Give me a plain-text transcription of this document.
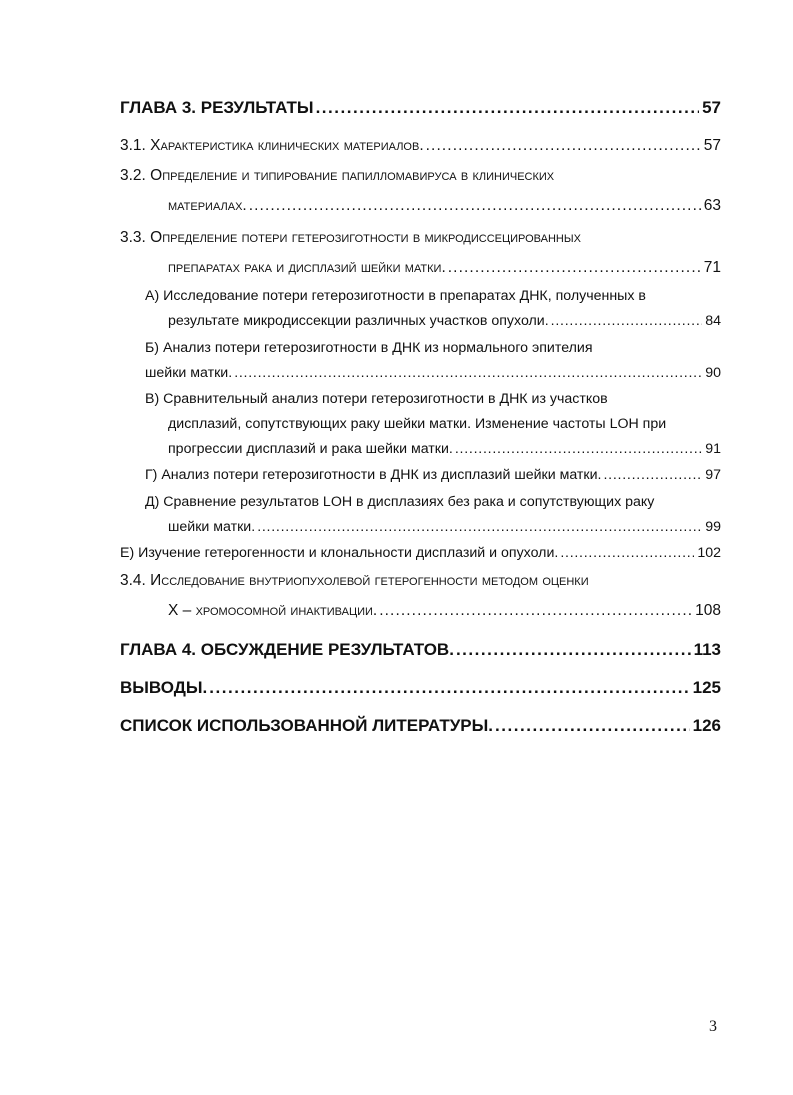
ГЛАВА 3. РЕЗУЛЬТАТЫ . . .	57
3.1. Характеристика клинических материалов. . . .	57
3.2. Определение и типирование папилломавируса в клинических
материалах. . . .	63
3.3. Определение потери гетерозиготности в микродиссецированных
препаратах рака и дисплазий шейки матки. . . .	71
А) Исследование потери гетерозиготности в препаратах ДНК, полученных в
результате микродиссекции различных участков опухоли. . . .	84
Б) Анализ потери гетерозиготности в ДНК из нормального эпителия
шейки матки. . . .	90
В) Сравнительный анализ потери гетерозиготности в ДНК из участков
дисплазий, сопутствующих раку шейки матки. Изменение частоты LOH при
прогрессии дисплазий и рака шейки матки. . . .	91
Г) Анализ потери гетерозиготности в ДНК из дисплазий шейки матки. . . .	97
Д) Сравнение результатов LOH в дисплазиях без рака и сопутствующих раку
шейки матки. . . .	99
Е) Изучение гетерогенности и клональности дисплазий и опухоли. . . .	102
3.4. Исследование внутриопухолевой гетерогенности методом оценки
Х – хромосомной инактивации. . . .	108
ГЛАВА 4. ОБСУЖДЕНИЕ РЕЗУЛЬТАТОВ. . . .	113
ВЫВОДЫ. . . .	125
СПИСОК ИСПОЛЬЗОВАННОЙ ЛИТЕРАТУРЫ. . . .	126
3
